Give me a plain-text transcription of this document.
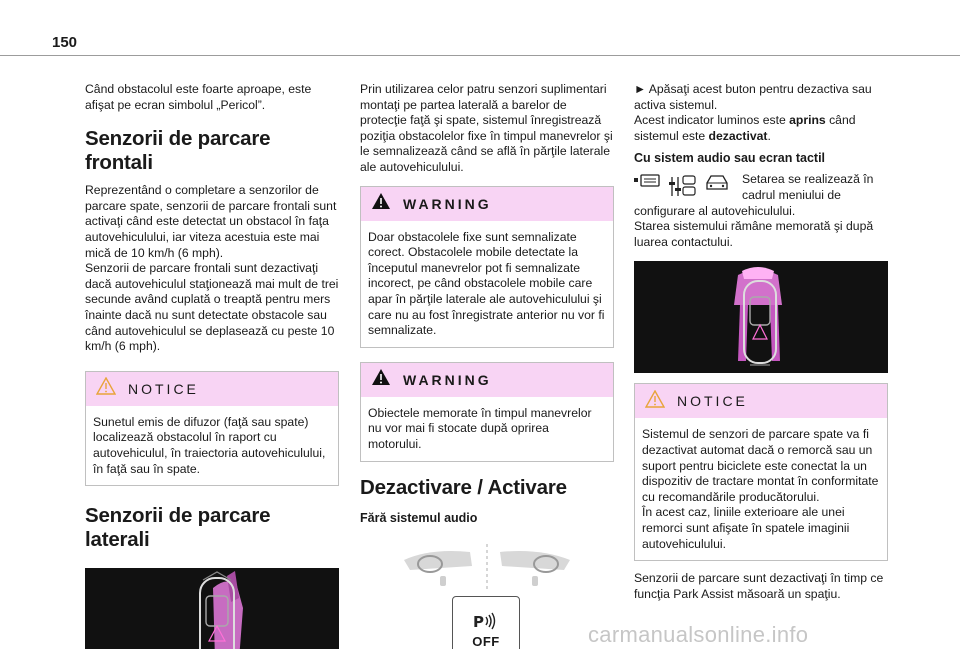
150

Când obstacolul este foarte aproape, este afişat pe ecran simbolul „Pericol”.

Senzorii de parcare frontali

Reprezentând o completare a senzorilor de parcare spate, senzorii de parcare frontali sunt activaţi când este detectat un obstacol în faţa autovehiculului, iar viteza acestuia este mai mică de 10 km/h (6 mph).
Senzorii de parcare frontali sunt dezactivaţi dacă autovehiculul staţionează mai mult de trei secunde având cuplată o treaptă pentru mers înainte dacă nu sunt detectate obstacole sau când autovehiculul se deplasează cu peste 10 km/h (6 mph).

NOTICE
Sunetul emis de difuzor (faţă sau spate) localizează obstacolul în raport cu autovehiculul, în traiectoria autovehiculului, în faţă sau în spate.
Senzorii de parcare laterali

Prin utilizarea celor patru senzori suplimentari montaţi pe partea laterală a barelor de protecţie faţă şi spate, sistemul înregistrează poziţia obstacolelor fixe în timpul manevrelor şi le semnalizează când se află în părţile laterale ale autovehiculului.

WARNING
Doar obstacolele fixe sunt semnalizate corect. Obstacolele mobile detectate la începutul manevrelor pot fi semnalizate incorect, pe când obstacolele mobile care apar în părţile laterale ale autovehiculului şi care nu au fost înregistrate anterior nu vor fi semnalizate.
WARNING
Obiectele memorate în timpul manevrelor nu vor mai fi stocate după oprirea motorului.
Dezactivare / Activare
Fără sistemul audio
P
OFF

► Apăsaţi acest buton pentru dezactiva sau activa sistemul.
Acest indicator luminos este aprins când sistemul este dezactivat.

Cu sistem audio sau ecran tactil

Setarea se realizează în cadrul meniului de

configurare al autovehiculului.
Starea sistemului rămâne memorată şi după luarea contactului.

NOTICE
Sistemul de senzori de parcare spate va fi dezactivat automat dacă o remorcă sau un suport pentru biciclete este conectat la un dispozitiv de tractare montat în conformitate cu recomandările producătorului.
În acest caz, liniile exterioare ale unei remorci sunt afişate în spatele imaginii autovehiculului.

Senzorii de parcare sunt dezactivaţi în timp ce funcţia Park Assist măsoară un spaţiu.

carmanualsonline.info
